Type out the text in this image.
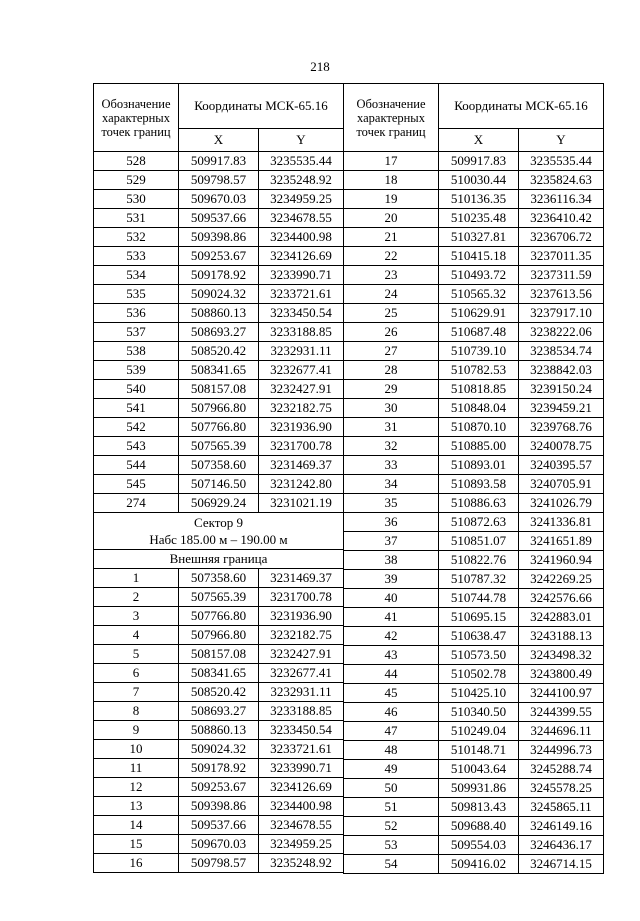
218
Обозначение характерных точек границ	Координаты МСК-65.16	
	X	Y
528	509917.83	3235535.44
529	509798.57	3235248.92
530	509670.03	3234959.25
531	509537.66	3234678.55
532	509398.86	3234400.98
533	509253.67	3234126.69
534	509178.92	3233990.71
535	509024.32	3233721.61
536	508860.13	3233450.54
537	508693.27	3233188.85
538	508520.42	3232931.11
539	508341.65	3232677.41
540	508157.08	3232427.91
541	507966.80	3232182.75
542	507766.80	3231936.90
543	507565.39	3231700.78
544	507358.60	3231469.37
545	507146.50	3231242.80
274	506929.24	3231021.19
Сектор 9
Набс 185.00 м – 190.00 м		
Внешняя граница		
1	507358.60	3231469.37
2	507565.39	3231700.78
3	507766.80	3231936.90
4	507966.80	3232182.75
5	508157.08	3232427.91
6	508341.65	3232677.41
7	508520.42	3232931.11
8	508693.27	3233188.85
9	508860.13	3233450.54
10	509024.32	3233721.61
11	509178.92	3233990.71
12	509253.67	3234126.69
13	509398.86	3234400.98
14	509537.66	3234678.55
15	509670.03	3234959.25
16	509798.57	3235248.92
Обозначение характерных точек границ	Координаты МСК-65.16	
	X	Y
17	509917.83	3235535.44
18	510030.44	3235824.63
19	510136.35	3236116.34
20	510235.48	3236410.42
21	510327.81	3236706.72
22	510415.18	3237011.35
23	510493.72	3237311.59
24	510565.32	3237613.56
25	510629.91	3237917.10
26	510687.48	3238222.06
27	510739.10	3238534.74
28	510782.53	3238842.03
29	510818.85	3239150.24
30	510848.04	3239459.21
31	510870.10	3239768.76
32	510885.00	3240078.75
33	510893.01	3240395.57
34	510893.58	3240705.91
35	510886.63	3241026.79
36	510872.63	3241336.81
37	510851.07	3241651.89
38	510822.76	3241960.94
39	510787.32	3242269.25
40	510744.78	3242576.66
41	510695.15	3242883.01
42	510638.47	3243188.13
43	510573.50	3243498.32
44	510502.78	3243800.49
45	510425.10	3244100.97
46	510340.50	3244399.55
47	510249.04	3244696.11
48	510148.71	3244996.73
49	510043.64	3245288.74
50	509931.86	3245578.25
51	509813.43	3245865.11
52	509688.40	3246149.16
53	509554.03	3246436.17
54	509416.02	3246714.15
